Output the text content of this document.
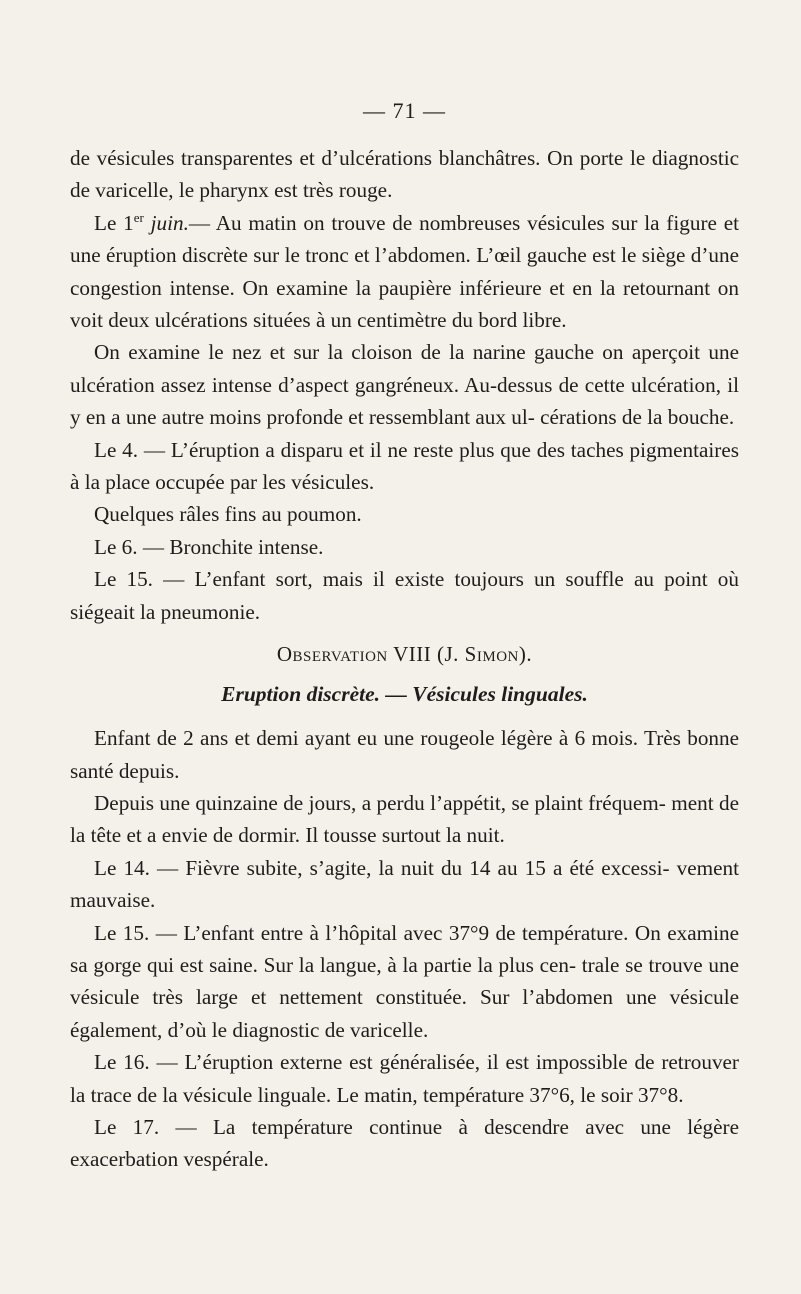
— 71 —

de vésicules transparentes et d’ulcérations blanchâtres. On porte le diagnostic de varicelle, le pharynx est très rouge.

Le 1er juin.— Au matin on trouve de nombreuses vésicules sur la figure et une éruption discrète sur le tronc et l’abdomen. L’œil gauche est le siège d’une congestion intense. On examine la paupière inférieure et en la retournant on voit deux ulcérations situées à un centimètre du bord libre.

On examine le nez et sur la cloison de la narine gauche on aperçoit une ulcération assez intense d’aspect gangréneux. Au-dessus de cette ulcération, il y en a une autre moins profonde et ressemblant aux ul- cérations de la bouche.

Le 4. — L’éruption a disparu et il ne reste plus que des taches pigmentaires à la place occupée par les vésicules.

Quelques râles fins au poumon.

Le 6. — Bronchite intense.

Le 15. — L’enfant sort, mais il existe toujours un souffle au point où siégeait la pneumonie.

Observation VIII (J. Simon).
Eruption discrète. — Vésicules linguales.

Enfant de 2 ans et demi ayant eu une rougeole légère à 6 mois. Très bonne santé depuis.

Depuis une quinzaine de jours, a perdu l’appétit, se plaint fréquem- ment de la tête et a envie de dormir. Il tousse surtout la nuit.

Le 14. — Fièvre subite, s’agite, la nuit du 14 au 15 a été excessi- vement mauvaise.

Le 15. — L’enfant entre à l’hôpital avec 37°9 de température. On examine sa gorge qui est saine. Sur la langue, à la partie la plus cen- trale se trouve une vésicule très large et nettement constituée. Sur l’abdomen une vésicule également, d’où le diagnostic de varicelle.

Le 16. — L’éruption externe est généralisée, il est impossible de retrouver la trace de la vésicule linguale. Le matin, température 37°6, le soir 37°8.

Le 17. — La température continue à descendre avec une légère exacerbation vespérale.
